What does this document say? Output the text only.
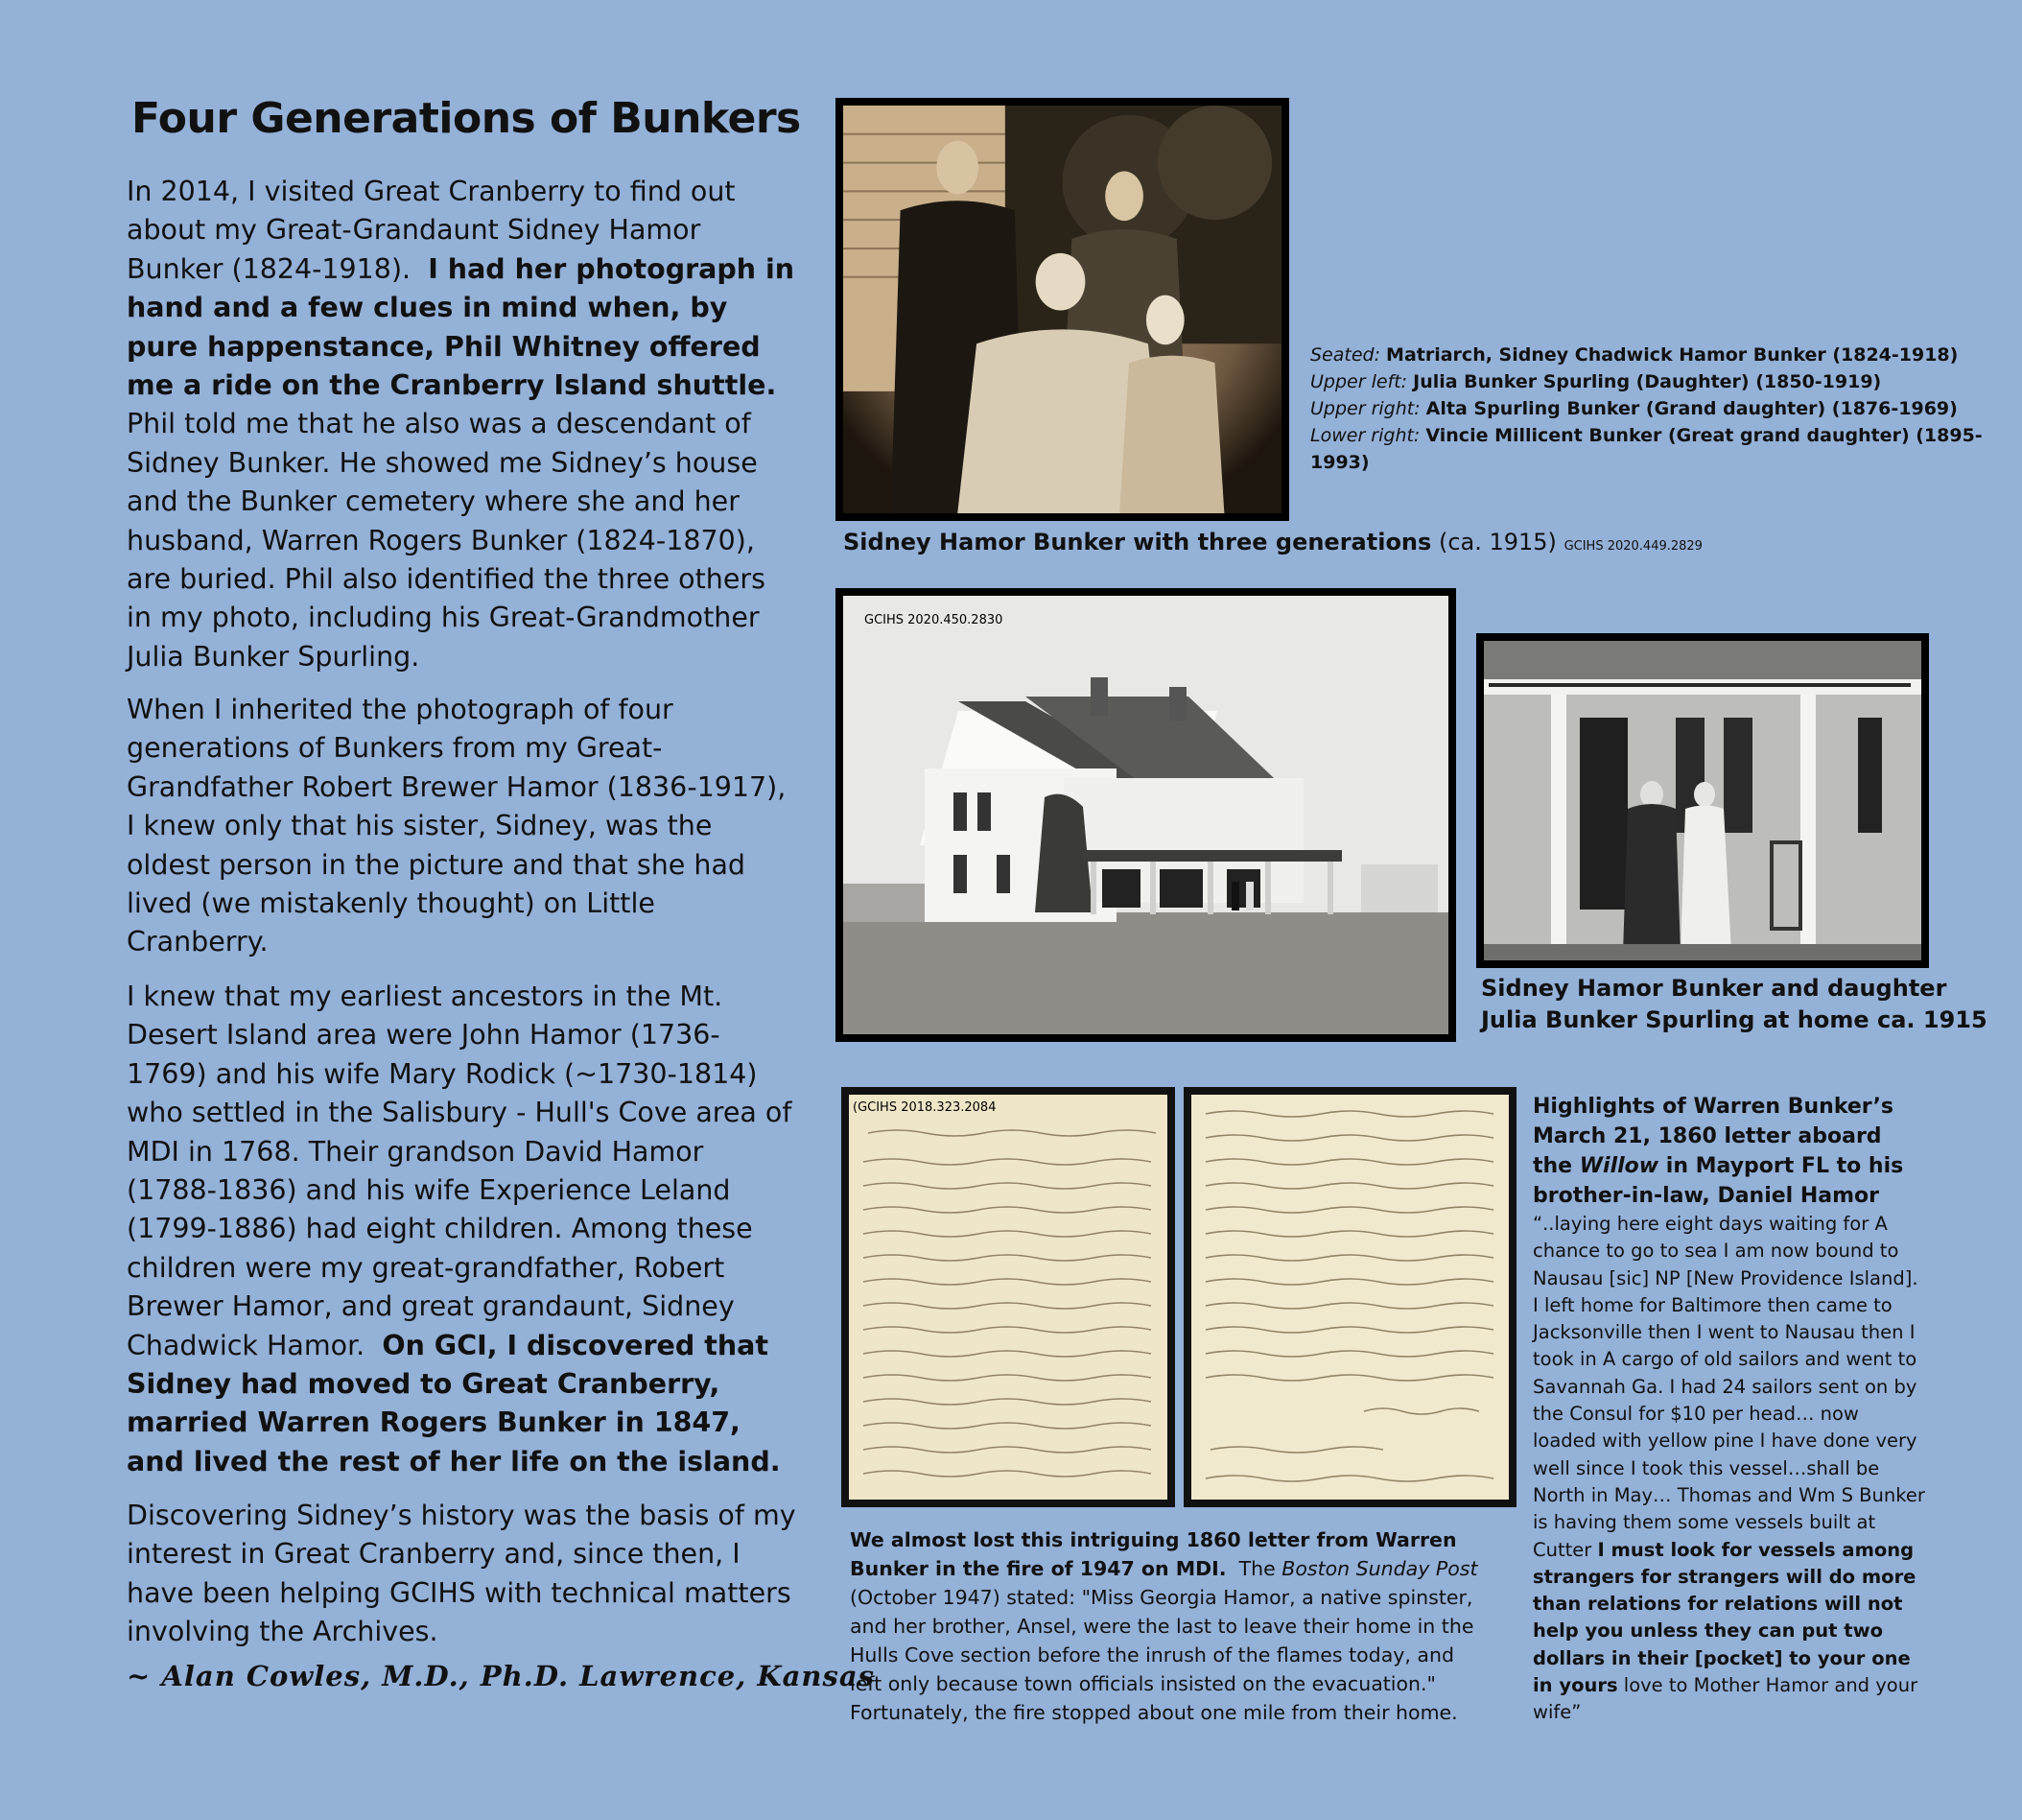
Four Generations of Bunkers
In 2014, I visited Great Cranberry to find out about my Great-Grandaunt Sidney Hamor Bunker (1824-1918). I had her photograph in hand and a few clues in mind when, by pure happenstance, Phil Whitney offered me a ride on the Cranberry Island shuttle.  Phil told me that he also was a descendant of Sidney Bunker. He showed me Sidney’s house and the Bunker cemetery where she and her husband, Warren Rogers Bunker (1824-1870), are buried. Phil also identified the three others in my photo, including his Great-Grandmother Julia Bunker Spurling.
When I inherited the photograph of four generations of Bunkers from my Great-Grandfather Robert Brewer Hamor (1836-1917), I knew only that his sister, Sidney, was the oldest person in the picture and that she had lived (we mistakenly thought) on Little Cranberry.
I knew that my earliest ancestors in the Mt. Desert Island area were John Hamor (1736-1769) and his wife Mary Rodick (~1730-1814) who settled in the Salisbury - Hull's Cove area of MDI in 1768. Their grandson David Hamor (1788-1836) and his wife Experience Leland (1799-1886) had eight children. Among these children were my great-grandfather, Robert Brewer Hamor, and great grandaunt, Sidney Chadwick Hamor. On GCI, I discovered that Sidney had moved to Great Cranberry, married Warren Rogers Bunker in 1847, and lived the rest of her life on the island.
Discovering Sidney’s history was the basis of my interest in Great Cranberry and, since then, I have been helping GCIHS with technical matters involving the Archives.
~ Alan Cowles, M.D., Ph.D. Lawrence, Kansas
Seated: Matriarch, Sidney Chadwick Hamor Bunker (1824-1918)
Upper left: Julia Bunker Spurling (Daughter) (1850-1919)
Upper right: Alta Spurling Bunker (Grand daughter) (1876-1969)
Lower right: Vincie Millicent Bunker (Great grand daughter) (1895-1993)
Sidney Hamor Bunker with three generations (ca. 1915) GCIHS 2020.449.2829
GCIHS 2020.450.2830
Sidney Hamor Bunker and daughter
Julia Bunker Spurling at home ca. 1915
(GCIHS 2018.323.2084	Highlights of Warren Bunker’s March 21, 1860 letter aboard the Willow in Mayport FL to his brother-in-law, Daniel Hamor
“..laying here eight days waiting for A chance to go to sea I am now bound to Nausau [sic] NP [New Providence Island]. I left home for Baltimore then came to Jacksonville then I went to Nausau then I took in A cargo of old sailors and went to Savannah Ga. I had 24 sailors sent on by the Consul for $10 per head… now loaded with yellow pine I have done very well since I took this vessel…shall be North in May… Thomas and Wm S Bunker is having them some vessels built at Cutter I must look for vessels among strangers for strangers will do more than relations for relations will not help you unless they can put two dollars in their [pocket] to your one in yours love to Mother Hamor and your wife”
We almost lost this intriguing 1860 letter from Warren Bunker in the fire of 1947 on MDI. The Boston Sunday Post (October 1947) stated: "Miss Georgia Hamor, a native spinster, and her brother, Ansel, were the last to leave their home in the Hulls Cove section before the inrush of the flames today, and left only because town officials insisted on the evacuation." Fortunately, the fire stopped about one mile from their home.
